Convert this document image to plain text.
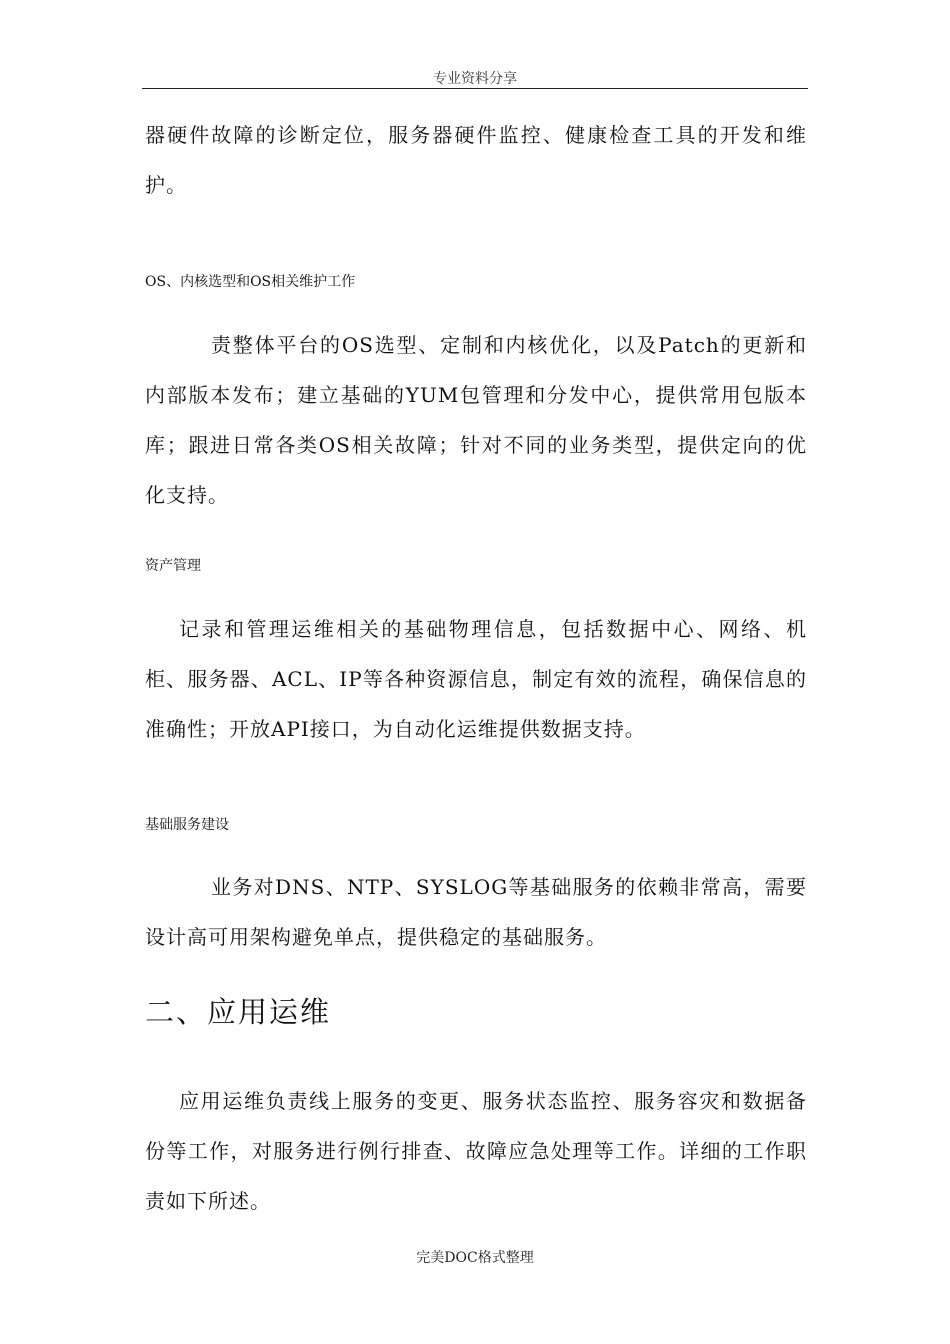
专业资料分享

器硬件故障的诊断定位，服务器硬件监控、健康检查工具的开发和维护。

OS、内核选型和OS相关维护工作

责整体平台的OS选型、定制和内核优化，以及Patch的更新和内部版本发布；建立基础的YUM包管理和分发中心，提供常用包版本库；跟进日常各类OS相关故障；针对不同的业务类型，提供定向的优化支持。

资产管理

记录和管理运维相关的基础物理信息，包括数据中心、网络、机柜、服务器、ACL、IP等各种资源信息，制定有效的流程，确保信息的准确性；开放API接口，为自动化运维提供数据支持。

基础服务建设

业务对DNS、NTP、SYSLOG等基础服务的依赖非常高，需要设计高可用架构避免单点，提供稳定的基础服务。

二、应用运维

应用运维负责线上服务的变更、服务状态监控、服务容灾和数据备份等工作，对服务进行例行排查、故障应急处理等工作。详细的工作职责如下所述。

完美DOC格式整理
